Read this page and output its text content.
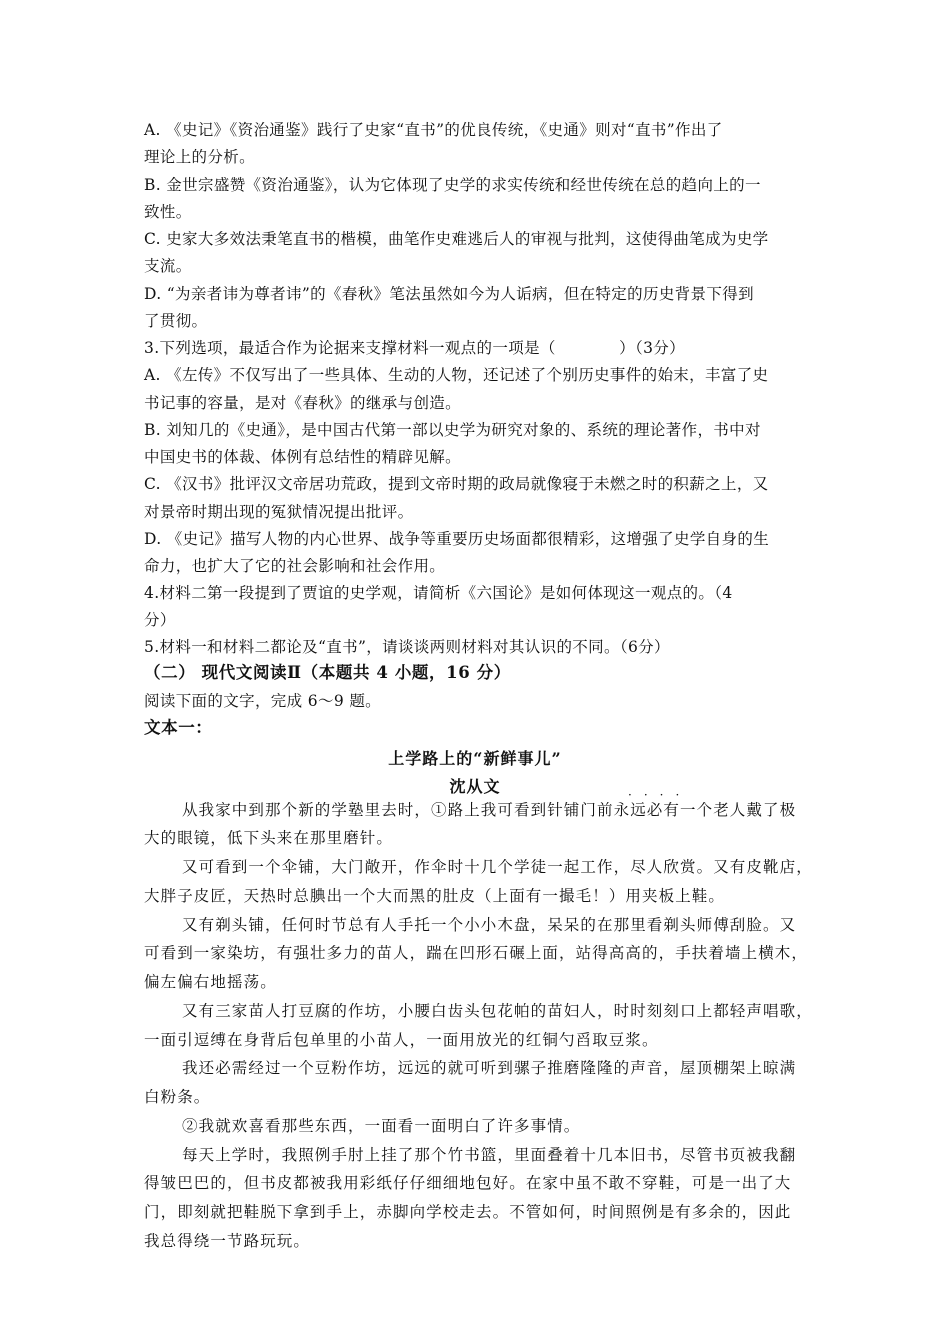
A. 《史记》《资治通鉴》践行了史家“直书”的优良传统，《史通》则对“直书”作出了
理论上的分析。
B. 金世宗盛赞《资治通鉴》，认为它体现了史学的求实传统和经世传统在总的趋向上的一
致性。
C. 史家大多效法秉笔直书的楷模，曲笔作史难逃后人的审视与批判，这使得曲笔成为史学
支流。
D. “为亲者讳为尊者讳”的《春秋》笔法虽然如今为人诟病，但在特定的历史背景下得到
了贯彻。
3.下列选项，最适合作为论据来支撑材料一观点的一项是（　　　　）（3分）
A. 《左传》不仅写出了一些具体、生动的人物，还记述了个别历史事件的始末，丰富了史
书记事的容量，是对《春秋》的继承与创造。
B. 刘知几的《史通》，是中国古代第一部以史学为研究对象的、系统的理论著作，书中对
中国史书的体裁、体例有总结性的精辟见解。
C. 《汉书》批评汉文帝居功荒政，提到文帝时期的政局就像寝于未燃之时的积薪之上，又
对景帝时期出现的冤狱情况提出批评。
D. 《史记》描写人物的内心世界、战争等重要历史场面都很精彩，这增强了史学自身的生
命力，也扩大了它的社会影响和社会作用。
4.材料二第一段提到了贾谊的史学观，请简析《六国论》是如何体现这一观点的。（4
分）
5.材料一和材料二都论及“直书”，请谈谈两则材料对其认识的不同。（6分）
（二） 现代文阅读Ⅱ（本题共 4 小题，16 分）
阅读下面的文字，完成 6～9 题。
文本一：
上学路上的“新鲜事儿”
沈从文	····
从我家中到那个新的学塾里去时，①路上我可看到针铺门前永远必有一个老人戴了极
大的眼镜，低下头来在那里磨针。
又可看到一个伞铺，大门敞开，作伞时十几个学徒一起工作，尽人欣赏。又有皮靴店，
大胖子皮匠，天热时总腆出一个大而黑的肚皮（上面有一撮毛！）用夹板上鞋。
又有剃头铺，任何时节总有人手托一个小小木盘，呆呆的在那里看剃头师傅刮脸。又
可看到一家染坊，有强壮多力的苗人，踹在凹形石碾上面，站得高高的，手扶着墙上横木，
偏左偏右地摇荡。
又有三家苗人打豆腐的作坊，小腰白齿头包花帕的苗妇人，时时刻刻口上都轻声唱歌，
一面引逗缚在身背后包单里的小苗人，一面用放光的红铜勺舀取豆浆。
我还必需经过一个豆粉作坊，远远的就可听到骡子推磨隆隆的声音，屋顶棚架上晾满
白粉条。
②我就欢喜看那些东西，一面看一面明白了许多事情。
每天上学时，我照例手肘上挂了那个竹书篮，里面叠着十几本旧书，尽管书页被我翻
得皱巴巴的，但书皮都被我用彩纸仔仔细细地包好。在家中虽不敢不穿鞋，可是一出了大
门，即刻就把鞋脱下拿到手上，赤脚向学校走去。不管如何，时间照例是有多余的，因此
我总得绕一节路玩玩。
